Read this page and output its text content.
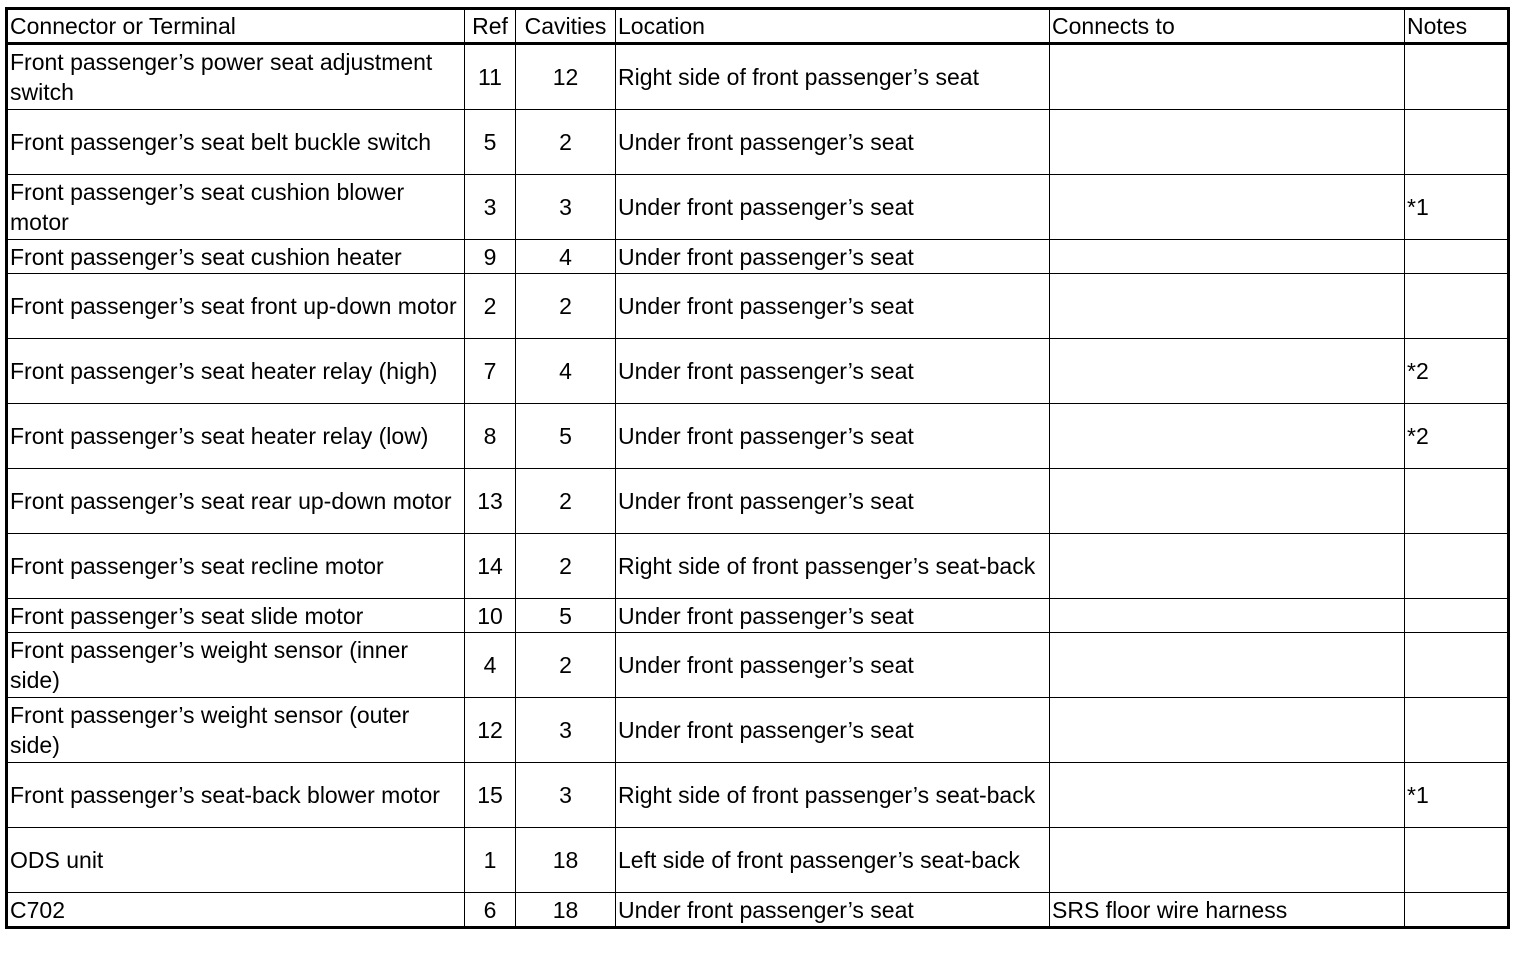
Connector or Terminal	Ref	Cavities	Location	Connects to	Notes
Front passenger’s power seat adjustment switch	11	12	Right side of front passenger’s seat		
Front passenger’s seat belt buckle switch	5	2	Under front passenger’s seat		
Front passenger’s seat cushion blower motor	3	3	Under front passenger’s seat		*1
Front passenger’s seat cushion heater	9	4	Under front passenger’s seat		
Front passenger’s seat front up-down motor	2	2	Under front passenger’s seat		
Front passenger’s seat heater relay (high)	7	4	Under front passenger’s seat		*2
Front passenger’s seat heater relay (low)	8	5	Under front passenger’s seat		*2
Front passenger’s seat rear up-down motor	13	2	Under front passenger’s seat		
Front passenger’s seat recline motor	14	2	Right side of front passenger’s seat-back		
Front passenger’s seat slide motor	10	5	Under front passenger’s seat		
Front passenger’s weight sensor (inner side)	4	2	Under front passenger’s seat		
Front passenger’s weight sensor (outer side)	12	3	Under front passenger’s seat		
Front passenger’s seat-back blower motor	15	3	Right side of front passenger’s seat-back		*1
ODS unit	1	18	Left side of front passenger’s seat-back		
C702	6	18	Under front passenger’s seat	SRS floor wire harness	
